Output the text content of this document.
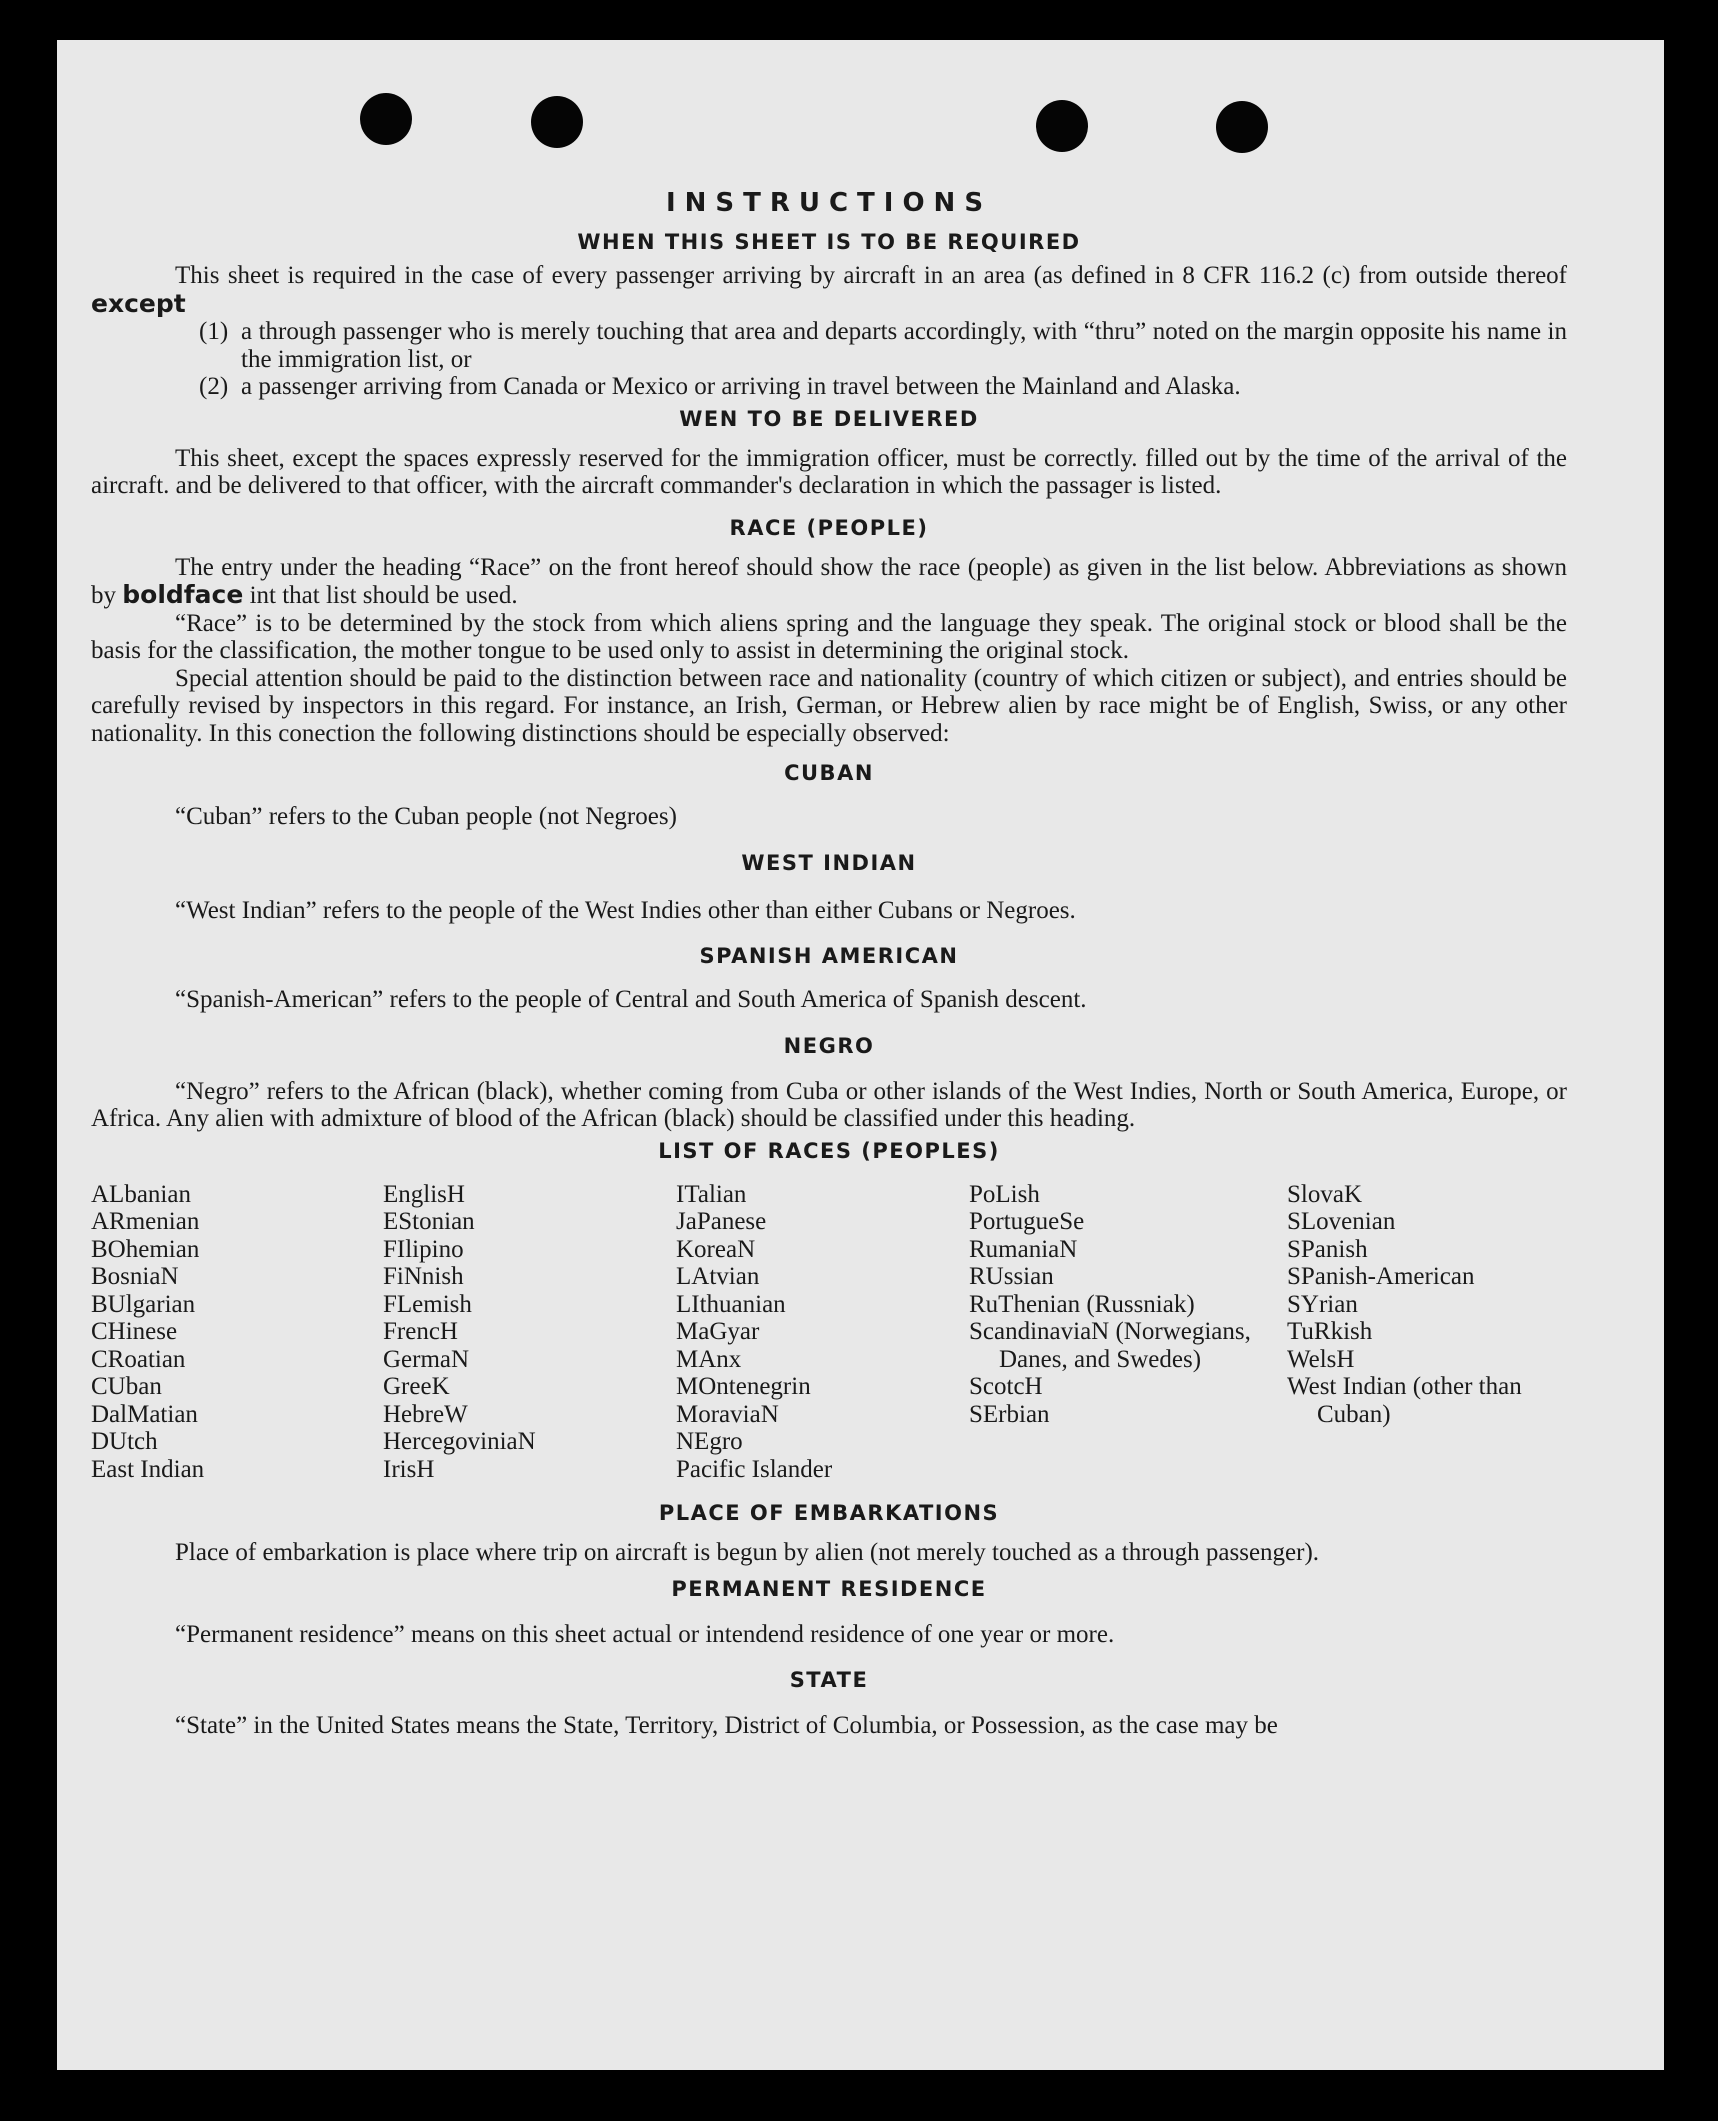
INSTRUCTIONS
WHEN THIS SHEET IS TO BE REQUIRED

This sheet is required in the case of every passenger arriving by aircraft in an area (as defined in 8 CFR 116.2 (c) from outside thereof except

(1) a through passenger who is merely touching that area and departs accordingly, with “thru” noted on the margin opposite his name in the immigration list, or
(2) a passenger arriving from Canada or Mexico or arriving in travel between the Mainland and Alaska.
WEN TO BE DELIVERED

This sheet, except the spaces expressly reserved for the immigration officer, must be correctly. filled out by the time of the arrival of the aircraft. and be delivered to that officer, with the aircraft commander's declaration in which the passager is listed.

RACE (PEOPLE)

The entry under the heading “Race” on the front hereof should show the race (people) as given in the list below. Abbreviations as shown by boldface int that list should be used.

“Race” is to be determined by the stock from which aliens spring and the language they speak. The original stock or blood shall be the basis for the classification, the mother tongue to be used only to assist in determining the original stock.

Special attention should be paid to the distinction between race and nationality (country of which citizen or subject), and entries should be carefully revised by inspectors in this regard. For instance, an Irish, German, or Hebrew alien by race might be of English, Swiss, or any other nationality. In this conection the following distinctions should be especially observed:

CUBAN

“Cuban” refers to the Cuban people (not Negroes)

WEST INDIAN

“West Indian” refers to the people of the West Indies other than either Cubans or Negroes.

SPANISH AMERICAN

“Spanish-American” refers to the people of Central and South America of Spanish descent.

NEGRO

“Negro” refers to the African (black), whether coming from Cuba or other islands of the West Indies, North or South America, Europe, or Africa. Any alien with admixture of blood of the African (black) should be classified under this heading.

LIST OF RACES (PEOPLES)
ALbanian
ARmenian
BOhemian
BosniaN
BUlgarian
CHinese
CRoatian
CUban
DalMatian
DUtch
East Indian
EnglisH
EStonian
FIlipino
FiNnish
FLemish
FrencH
GermaN
GreeK
HebreW
HercegoviniaN
IrisH
ITalian
JaPanese
KoreaN
LAtvian
LIthuanian
MaGyar
MAnx
MOntenegrin
MoraviaN
NEgro
Pacific Islander
PoLish
PortugueSe
RumaniaN
RUssian
RuThenian (Russniak)
ScandinaviaN (Norwegians, Danes, and Swedes)
ScotcH
SErbian
SlovaK
SLovenian
SPanish
SPanish-American
SYrian
TuRkish
WelsH
West Indian (other than Cuban)
PLACE OF EMBARKATIONS

Place of embarkation is place where trip on aircraft is begun by alien (not merely touched as a through passenger).

PERMANENT RESIDENCE

“Permanent residence” means on this sheet actual or intendend residence of one year or more.

STATE

“State” in the United States means the State, Territory, District of Columbia, or Possession, as the case may be
